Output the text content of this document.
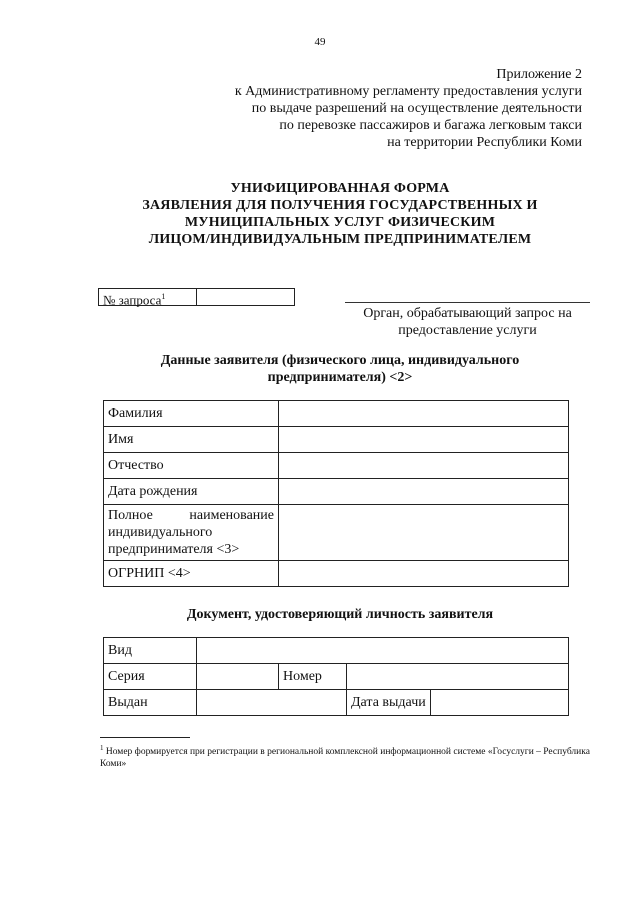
49
Приложение 2
к Административному регламенту предоставления услуги
по выдаче разрешений на осуществление деятельности
по перевозке пассажиров и багажа легковым такси
на территории Республики Коми
УНИФИЦИРОВАННАЯ ФОРМА
ЗАЯВЛЕНИЯ ДЛЯ ПОЛУЧЕНИЯ ГОСУДАРСТВЕННЫХ И
МУНИЦИПАЛЬНЫХ УСЛУГ ФИЗИЧЕСКИМ
ЛИЦОМ/ИНДИВИДУАЛЬНЫМ ПРЕДПРИНИМАТЕЛЕМ
№ запроса$^1$
Орган, обрабатывающий запрос на
предоставление услуги
Данные заявителя (физического лица, индивидуального
предпринимателя) <2>
Фамилия	
Имя	
Отчество	
Дата рождения	

Полное наименование
индивидуального
предпринимателя <3>	

ОГРНИП <4>	
Документ, удостоверяющий личность заявителя
Вид				
Серия		Номер		
Выдан			Дата выдачи	
$^1$ Номер формируется при регистрации в региональной комплексной информационной системе «Госуслуги – Республика Коми»
